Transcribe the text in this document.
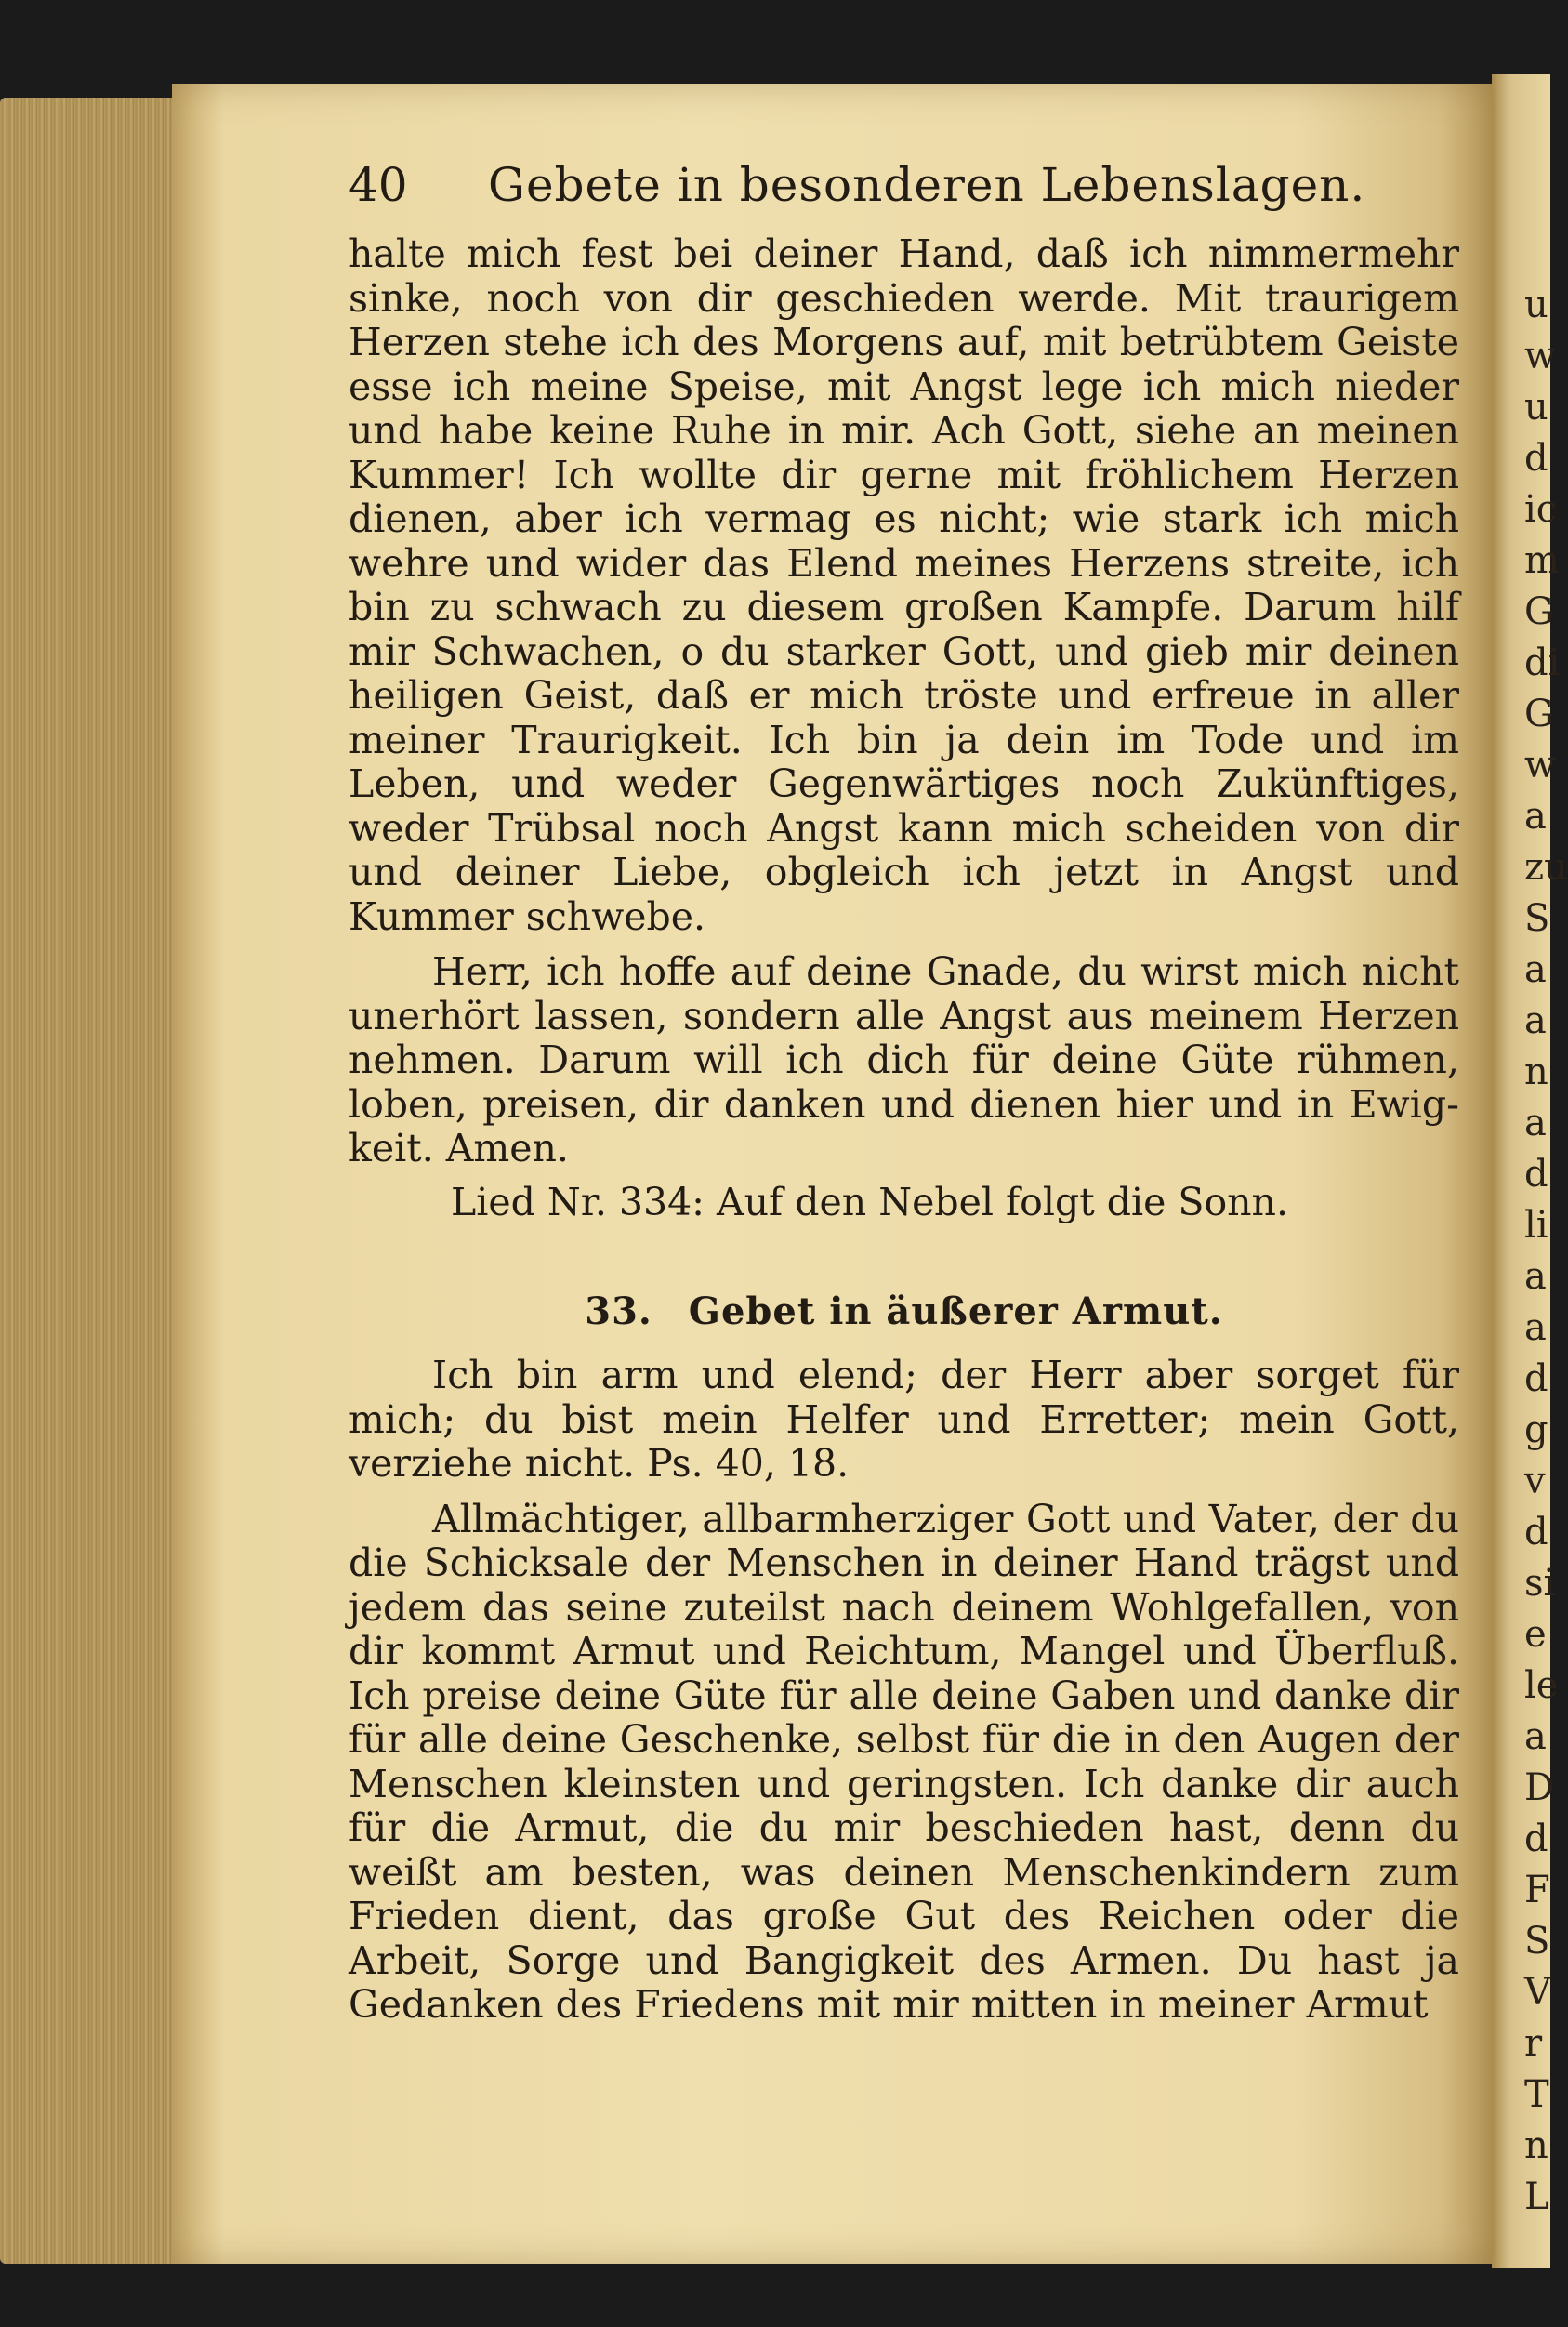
u
w
u
d
ic
m
G
di
G
w
a
zu
S
a
a
n
a
d
li
a
a
d
g
v
d
si
e
le
a
D
d
F
S
V
r
T
n
L
40	Gebete in besonderen Lebenslagen.

halte mich fest bei deiner Hand, daß ich nimmermehr sinke, noch von dir geschieden werde. Mit traurigem Herzen stehe ich des Morgens auf, mit betrübtem Geiste esse ich meine Speise, mit Angst lege ich mich nieder und habe keine Ruhe in mir. Ach Gott, siehe an meinen Kummer! Ich wollte dir gerne mit fröhlichem Herzen dienen, aber ich vermag es nicht; wie stark ich mich wehre und wider das Elend meines Herzens streite, ich bin zu schwach zu diesem großen Kampfe. Darum hilf mir Schwachen, o du starker Gott, und gieb mir deinen heiligen Geist, daß er mich tröste und erfreue in aller meiner Traurigkeit. Ich bin ja dein im Tode und im Leben, und weder Gegenwärtiges noch Zukünftiges, weder Trübsal noch Angst kann mich scheiden von dir und deiner Liebe, obgleich ich jetzt in Angst und Kummer schwebe.

Herr, ich hoffe auf deine Gnade, du wirst mich nicht unerhört lassen, sondern alle Angst aus meinem Herzen nehmen. Darum will ich dich für deine Güte rühmen, loben, preisen, dir danken und dienen hier und in Ewigkeit. Amen.

Lied Nr. 334: Auf den Nebel folgt die Sonn.

33. Gebet in äußerer Armut.

Ich bin arm und elend; der Herr aber sorget für mich; du bist mein Helfer und Erretter; mein Gott, verziehe nicht. Ps. 40, 18.

Allmächtiger, allbarmherziger Gott und Vater, der du die Schicksale der Menschen in deiner Hand trägst und jedem das seine zuteilst nach deinem Wohlgefallen, von dir kommt Armut und Reichtum, Mangel und Überfluß. Ich preise deine Güte für alle deine Gaben und danke dir für alle deine Geschenke, selbst für die in den Augen der Menschen kleinsten und geringsten. Ich danke dir auch für die Armut, die du mir beschieden hast, denn du weißt am besten, was deinen Menschenkindern zum Frieden dient, das große Gut des Reichen oder die Arbeit, Sorge und Bangigkeit des Armen. Du hast ja Gedanken des Friedens mit mir mitten in meiner Armut
